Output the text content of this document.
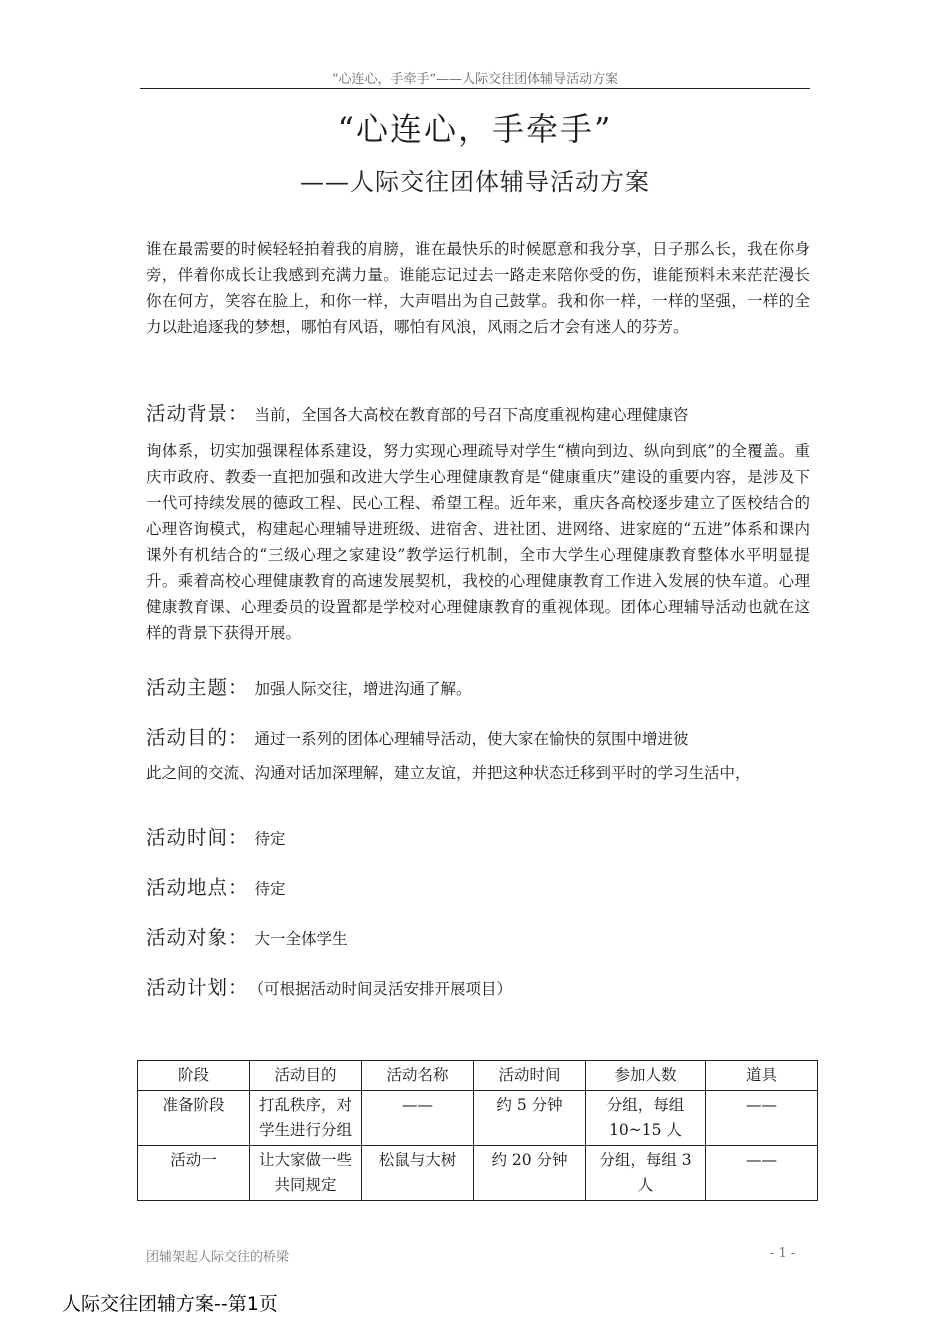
“心连心，手牵手”——人际交往团体辅导活动方案
“心连心，手牵手”
——人际交往团体辅导活动方案
谁在最需要的时候轻轻拍着我的肩膀，谁在最快乐的时候愿意和我分享，日子那么长，我在你身旁，伴着你成长让我感到充满力量。谁能忘记过去一路走来陪你受的伤，谁能预料未来茫茫漫长你在何方，笑容在脸上，和你一样，大声唱出为自己鼓掌。我和你一样，一样的坚强，一样的全力以赴追逐我的梦想，哪怕有风语，哪怕有风浪，风雨之后才会有迷人的芬芳。
活动背景： 当前，全国各大高校在教育部的号召下高度重视构建心理健康咨
询体系，切实加强课程体系建设，努力实现心理疏导对学生“横向到边、纵向到底”的全覆盖。重庆市政府、教委一直把加强和改进大学生心理健康教育是“健康重庆”建设的重要内容，是涉及下一代可持续发展的德政工程、民心工程、希望工程。近年来，重庆各高校逐步建立了医校结合的心理咨询模式，构建起心理辅导进班级、进宿舍、进社团、进网络、进家庭的“五进”体系和课内课外有机结合的“三级心理之家建设”教学运行机制，全市大学生心理健康教育整体水平明显提升。乘着高校心理健康教育的高速发展契机，我校的心理健康教育工作进入发展的快车道。心理健康教育课、心理委员的设置都是学校对心理健康教育的重视体现。团体心理辅导活动也就在这样的背景下获得开展。
活动主题： 加强人际交往，增进沟通了解。
活动目的： 通过一系列的团体心理辅导活动，使大家在愉快的氛围中增进彼
此之间的交流、沟通对话加深理解，建立友谊，并把这种状态迁移到平时的学习生活中，
活动时间： 待定
活动地点： 待定
活动对象： 大一全体学生
活动计划：（可根据活动时间灵活安排开展项目）
阶段	活动目的	活动名称	活动时间	参加人数	道具
准备阶段	打乱秩序，对学生进行分组	——	约 5 分钟	分组，每组 10~15 人	——
活动一	让大家做一些共同规定	松鼠与大树	约 20 分钟	分组，每组 3 人	——
团辅架起人际交往的桥梁	- 1 -
人际交往团辅方案--第1页
